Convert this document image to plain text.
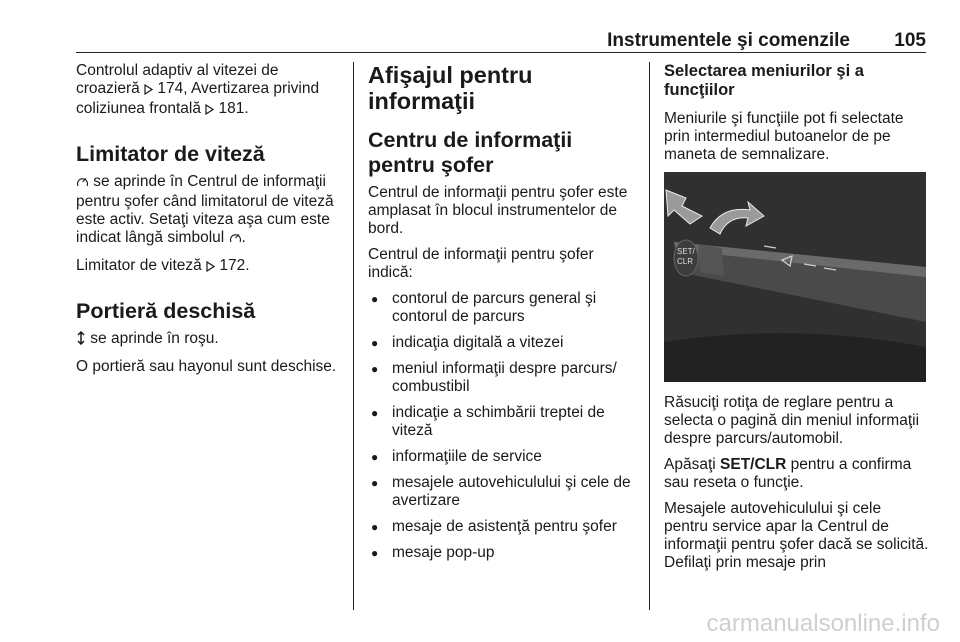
Instrumentele şi comenzile 105

Controlul adaptiv al vitezei de
croazieră  174, Avertizarea privind
coliziunea frontală  181.

Limitator de viteză

se aprinde în Centrul de informaţii pentru şofer când limitatorul de viteză este activ. Setaţi viteza aşa cum este indicat lângă simbolul .

Limitator de viteză  172.

Portieră deschisă

se aprinde în roşu.

O portieră sau hayonul sunt deschise.

Afişajul pentru informaţii
Centru de informaţii pentru şofer

Centrul de informaţii pentru şofer este amplasat în blocul instrumentelor de bord.

Centrul de informaţii pentru şofer indică:

● contorul de parcurs general şi contorul de parcurs
● indicaţia digitală a vitezei
● meniul informaţii despre parcurs/ combustibil
● indicaţie a schimbării treptei de viteză
● informaţiile de service
● mesajele autovehiculului şi cele de avertizare
● mesaje de asistenţă pentru şofer
● mesaje pop-up
Selectarea meniurilor şi a funcţiilor

Meniurile şi funcţiile pot fi selectate prin intermediul butoanelor de pe maneta de semnalizare.

SET/
CLR

Răsuciţi rotiţa de reglare pentru a selecta o pagină din meniul informaţii despre parcurs/automobil.

Apăsaţi SET/CLR pentru a confirma sau reseta o funcţie.

Mesajele autovehiculului şi cele pentru service apar la Centrul de informaţii pentru şofer dacă se solicită. Defilaţi prin mesaje prin

carmanualsonline.info
